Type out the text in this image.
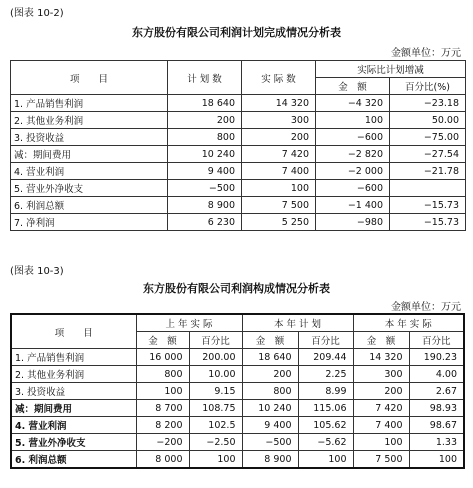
(图表 10-2)
东方股份有限公司利润计划完成情况分析表
金额单位：万元
项　　目	计 划 数	实 际 数	实际比计划增减	
			金　额	百分比(%)
1. 产品销售利润	18 640	14 320	−4 320	−23.18
2. 其他业务利润	200	300	100	50.00
3. 投资收益	800	200	−600	−75.00
减：期间费用	10 240	7 420	−2 820	−27.54
4. 营业利润	9 400	7 400	−2 000	−21.78
5. 营业外净收支	−500	100	−600	
6. 利润总额	8 900	7 500	−1 400	−15.73
7. 净利润	6 230	5 250	−980	−15.73
(图表 10-3)
东方股份有限公司利润构成情况分析表
金额单位：万元
项　　目	上 年 实 际		本 年 计 划		本 年 实 际	
	金　额	百分比	金　额	百分比	金　额	百分比
1. 产品销售利润	16 000	200.00	18 640	209.44	14 320	190.23
2. 其他业务利润	800	10.00	200	2.25	300	4.00
3. 投资收益	100	9.15	800	8.99	200	2.67
减：期间费用	8 700	108.75	10 240	115.06	7 420	98.93
4. 营业利润	8 200	102.5	9 400	105.62	7 400	98.67
5. 营业外净收支	−200	−2.50	−500	−5.62	100	1.33
6. 利润总额	8 000	100	8 900	100	7 500	100
